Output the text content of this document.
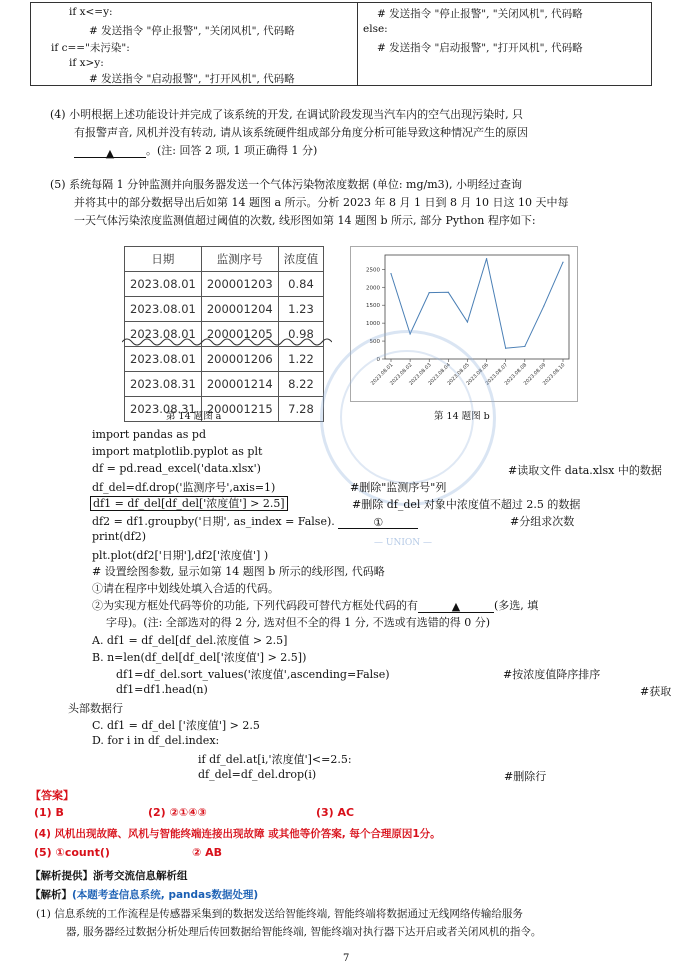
if x<=y:
# 发送指令 "停止报警", "关闭风机", 代码略
if c=="未污染":
if x>y:
# 发送指令 "启动报警", "打开风机", 代码略
# 发送指令 "停止报警", "关闭风机", 代码略
else:
# 发送指令 "启动报警", "打开风机", 代码略
(4) 小明根据上述功能设计并完成了该系统的开发, 在调试阶段发现当汽车内的空气出现污染时, 只
有报警声音, 风机并没有转动, 请从该系统硬件组成部分角度分析可能导致这种情况产生的原因
▲	。(注: 回答 2 项, 1 项正确得 1 分)
(5) 系统每隔 1 分钟监测并向服务器发送一个气体污染物浓度数据 (单位: mg/m3), 小明经过查询
并将其中的部分数据导出后如第 14 题图 a 所示。分析 2023 年 8 月 1 日到 8 月 10 日这 10 天中每
一天气体污染浓度监测值超过阈值的次数, 线形图如第 14 题图 b 所示, 部分 Python 程序如下:
日期	监测序号	浓度值
2023.08.01	200001203	0.84
2023.08.01	200001204	1.23
2023.08.01	200001205	0.98
2023.08.01	200001206	1.22
2023.08.31	200001214	8.22
2023.08.31	200001215	7.28
0
500
1000
1500
2000
2500
2023.08.01
2023.08.02
2023.08.03
2023.08.04
2023.08.05
2023.08.06
2023.08.07
2023.08.08
2023.08.09
2023.08.10
第 14 题图 a	第 14 题图 b
— UNION —
import pandas as pd
import matplotlib.pyplot as plt
df = pd.read_excel('data.xlsx')	#读取文件 data.xlsx 中的数据
df_del=df.drop('监测序号',axis=1)	#删除"监测序号"列
df1 = df_del[df_del['浓度值'] > 2.5]	#删除 df_del 对象中浓度值不超过 2.5 的数据
df2 = df1.groupby('日期', as_index = False).	①	#分组求次数
print(df2)
plt.plot(df2['日期'],df2['浓度值'] )
# 设置绘图参数, 显示如第 14 题图 b 所示的线形图, 代码略
①请在程序中划线处填入合适的代码。
②为实现方框处代码等价的功能, 下列代码段可替代方框处代码的有	▲	(多选, 填
字母)。(注: 全部选对的得 2 分, 选对但不全的得 1 分, 不选或有选错的得 0 分)
A. df1 = df_del[df_del.浓度值 > 2.5]
B. n=len(df_del[df_del['浓度值'] > 2.5])
df1=df_del.sort_values('浓度值',ascending=False)	#按浓度值降序排序
df1=df1.head(n)	#获取
头部数据行
C. df1 = df_del ['浓度值'] > 2.5
D. for i in df_del.index:
if df_del.at[i,'浓度值']<=2.5:
df_del=df_del.drop(i)	#删除行
【答案】
(1) B	(2) ②①④③	(3) AC
(4) 风机出现故障、风机与智能终端连接出现故障 或其他等价答案, 每个合理原因1分。
(5) ①count()	② AB
【解析提供】浙考交流信息解析组
【解析】(本题考查信息系统, pandas数据处理)
(1) 信息系统的工作流程是传感器采集到的数据发送给智能终端, 智能终端将数据通过无线网络传输给服务
器, 服务器经过数据分析处理后传回数据给智能终端, 智能终端对执行器下达开启或者关闭风机的指令。
7
